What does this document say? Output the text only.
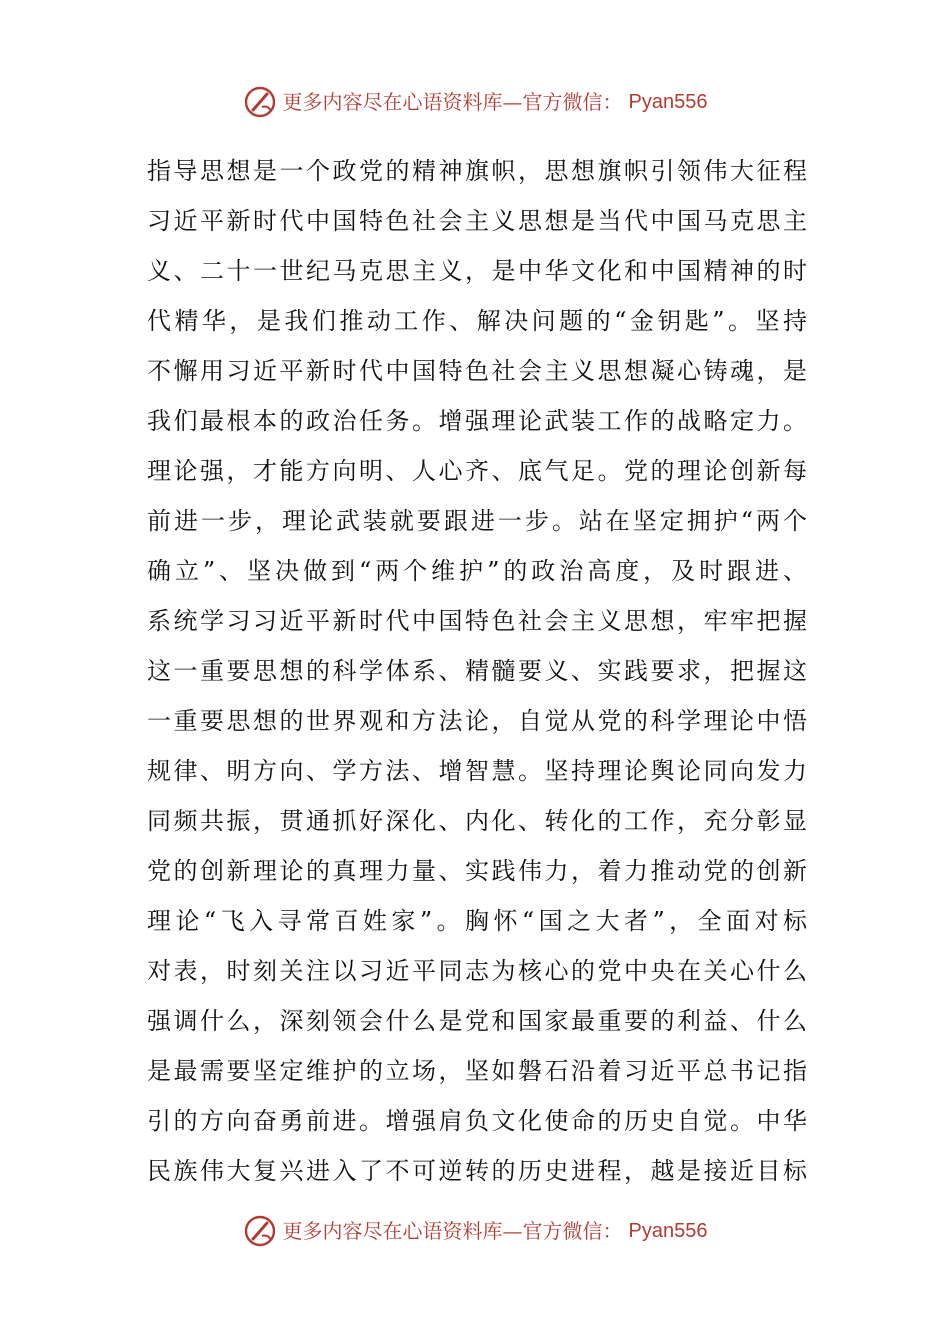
更多内容尽在心语资料库—官方微信： Pyan556
指导思想是一个政党的精神旗帜，思想旗帜引领伟大征程
习近平新时代中国特色社会主义思想是当代中国马克思主
义、二十一世纪马克思主义，是中华文化和中国精神的时
代精华，是我们推动工作、解决问题的“金钥匙”。坚持
不懈用习近平新时代中国特色社会主义思想凝心铸魂，是
我们最根本的政治任务。增强理论武装工作的战略定力。
理论强，才能方向明、人心齐、底气足。党的理论创新每
前进一步，理论武装就要跟进一步。站在坚定拥护“两个
确立”、坚决做到“两个维护”的政治高度，及时跟进、
系统学习习近平新时代中国特色社会主义思想，牢牢把握
这一重要思想的科学体系、精髓要义、实践要求，把握这
一重要思想的世界观和方法论，自觉从党的科学理论中悟
规律、明方向、学方法、增智慧。坚持理论舆论同向发力
同频共振，贯通抓好深化、内化、转化的工作，充分彰显
党的创新理论的真理力量、实践伟力，着力推动党的创新
理论“飞入寻常百姓家”。胸怀“国之大者”，全面对标
对表，时刻关注以习近平同志为核心的党中央在关心什么
强调什么，深刻领会什么是党和国家最重要的利益、什么
是最需要坚定维护的立场，坚如磐石沿着习近平总书记指
引的方向奋勇前进。增强肩负文化使命的历史自觉。中华
民族伟大复兴进入了不可逆转的历史进程，越是接近目标
更多内容尽在心语资料库—官方微信： Pyan556
